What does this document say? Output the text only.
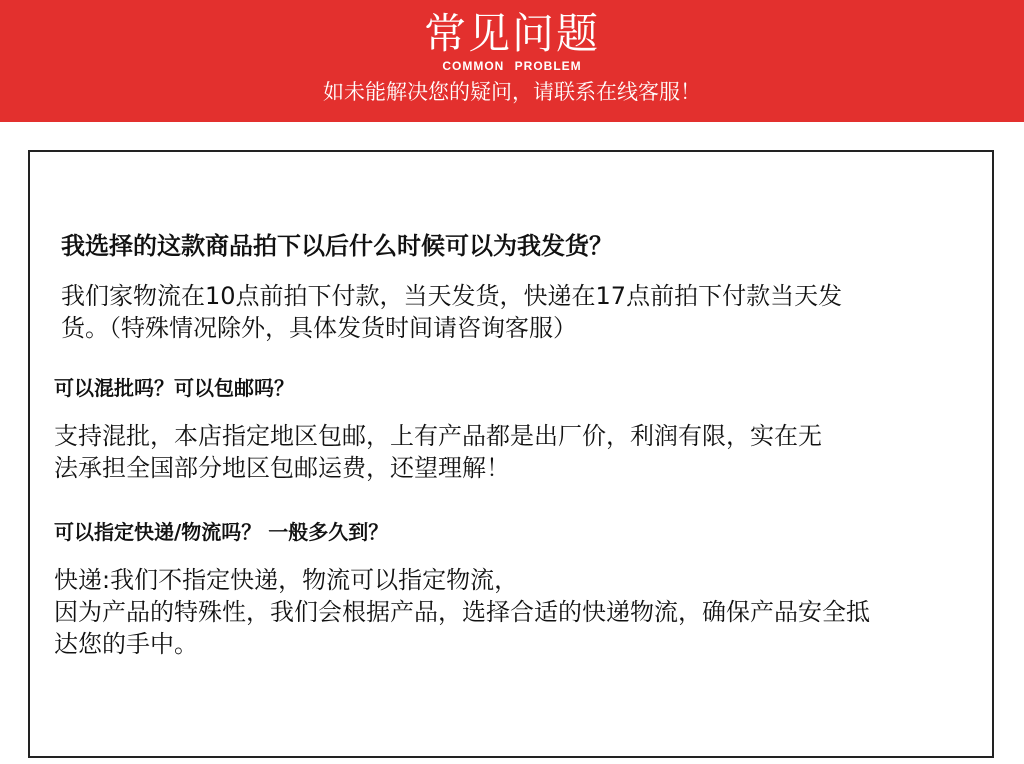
常见问题
COMMON PROBLEM
如未能解决您的疑问，请联系在线客服！
我选择的这款商品拍下以后什么时候可以为我发货？
我们家物流在10点前拍下付款，当天发货，快递在17点前拍下付款当天发
货。（特殊情况除外，具体发货时间请咨询客服）
可以混批吗？可以包邮吗？
支持混批，本店指定地区包邮，上有产品都是出厂价，利润有限，实在无
法承担全国部分地区包邮运费，还望理解！
可以指定快递/物流吗？ 一般多久到？
快递:我们不指定快递，物流可以指定物流，
因为产品的特殊性，我们会根据产品，选择合适的快递物流，确保产品安全抵
达您的手中。
